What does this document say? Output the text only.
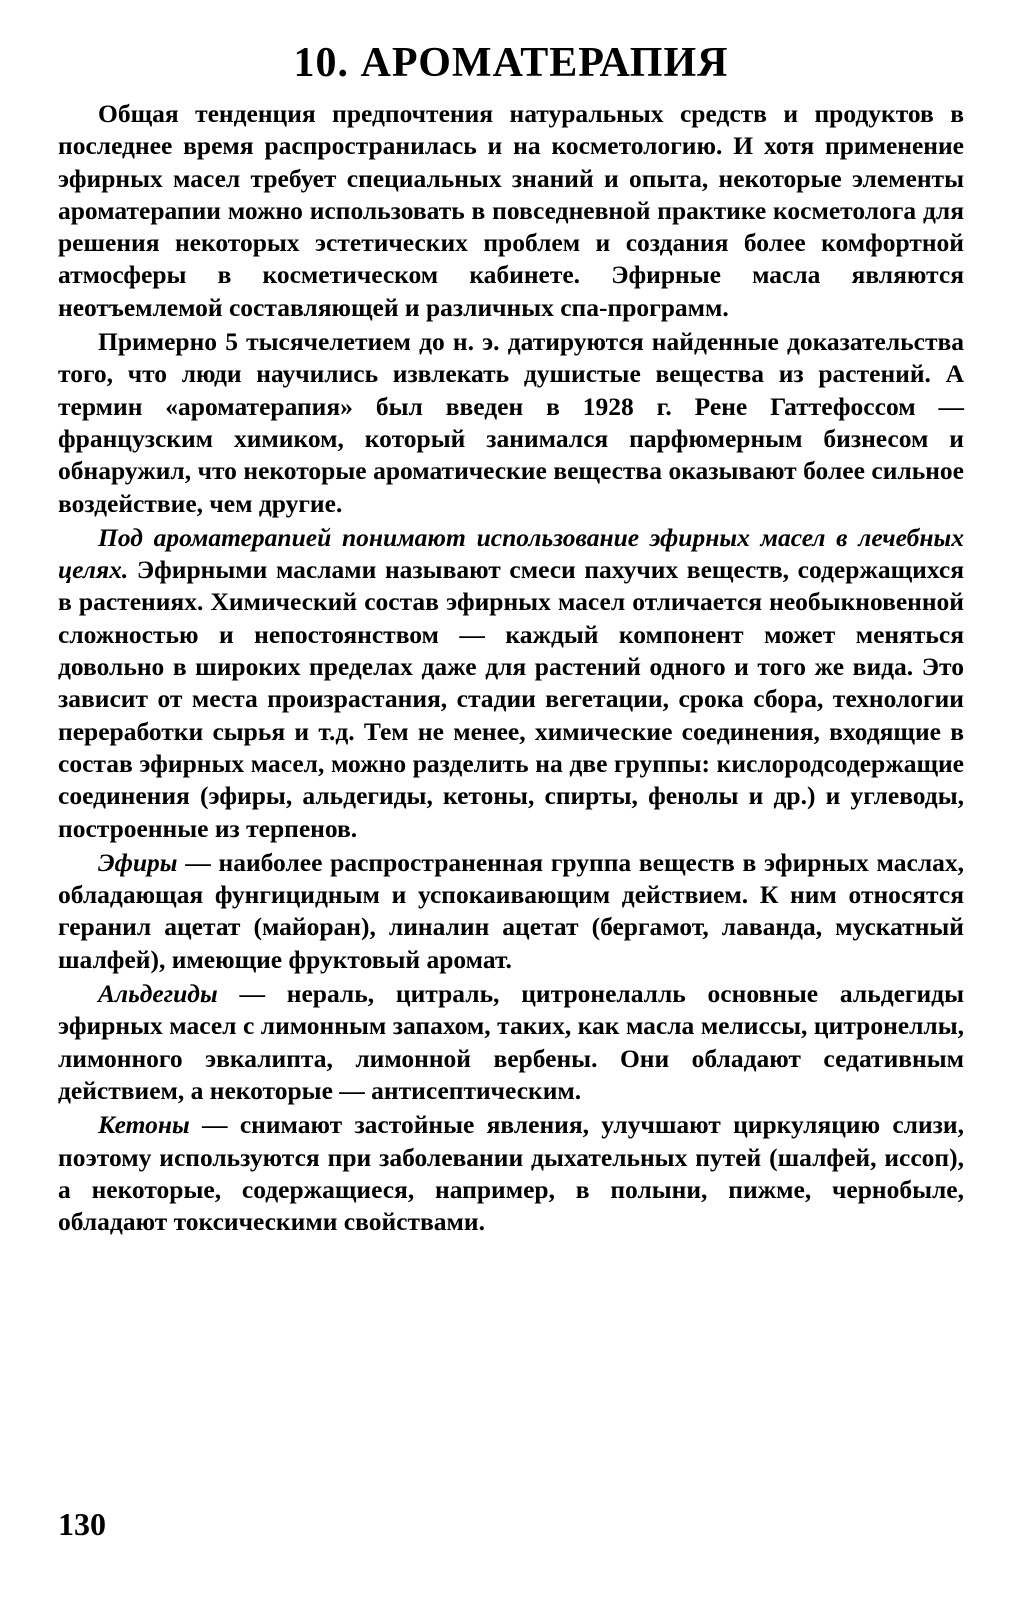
10. АРОМАТЕРАПИЯ

Общая тенденция предпочтения натуральных средств и продуктов в последнее время распространилась и на косметологию. И хотя применение эфирных масел требует специальных знаний и опыта, некоторые элементы ароматерапии можно использовать в повседневной практике косметолога для решения некоторых эстетических проблем и создания более комфортной атмосферы в косметическом кабинете. Эфирные масла являются неотъемлемой составляющей и различных спа-программ.

Примерно 5 тысячелетием до н. э. датируются найденные доказательства того, что люди научились извлекать душистые вещества из растений. А термин «ароматерапия» был введен в 1928 г. Рене Гаттефоссом — французским химиком, который занимался парфюмерным бизнесом и обнаружил, что некоторые ароматические вещества оказывают более сильное воздействие, чем другие.

Под ароматерапией понимают использование эфирных масел в лечебных целях. Эфирными маслами называют смеси пахучих веществ, содержащихся в растениях. Химический состав эфирных масел отличается необыкновенной сложностью и непостоянством — каждый компонент может меняться довольно в широких пределах даже для растений одного и того же вида. Это зависит от места произрастания, стадии вегетации, срока сбора, технологии переработки сырья и т.д. Тем не менее, химические соединения, входящие в состав эфирных масел, можно разделить на две группы: кислородсодержащие соединения (эфиры, альдегиды, кетоны, спирты, фенолы и др.) и углеводы, построенные из терпенов.

Эфиры — наиболее распространенная группа веществ в эфирных маслах, обладающая фунгицидным и успокаивающим действием. К ним относятся геранил ацетат (майоран), линалин ацетат (бергамот, лаванда, мускатный шалфей), имеющие фруктовый аромат.

Альдегиды — нераль, цитраль, цитронелалль основные альдегиды эфирных масел с лимонным запахом, таких, как масла мелиссы, цитронеллы, лимонного эвкалипта, лимонной вербены. Они обладают седативным действием, а некоторые — антисептическим.

Кетоны — снимают застойные явления, улучшают циркуляцию слизи, поэтому используются при заболевании дыхательных путей (шалфей, иссоп), а некоторые, содержащиеся, например, в полыни, пижме, чернобыле, обладают токсическими свойствами.

130
